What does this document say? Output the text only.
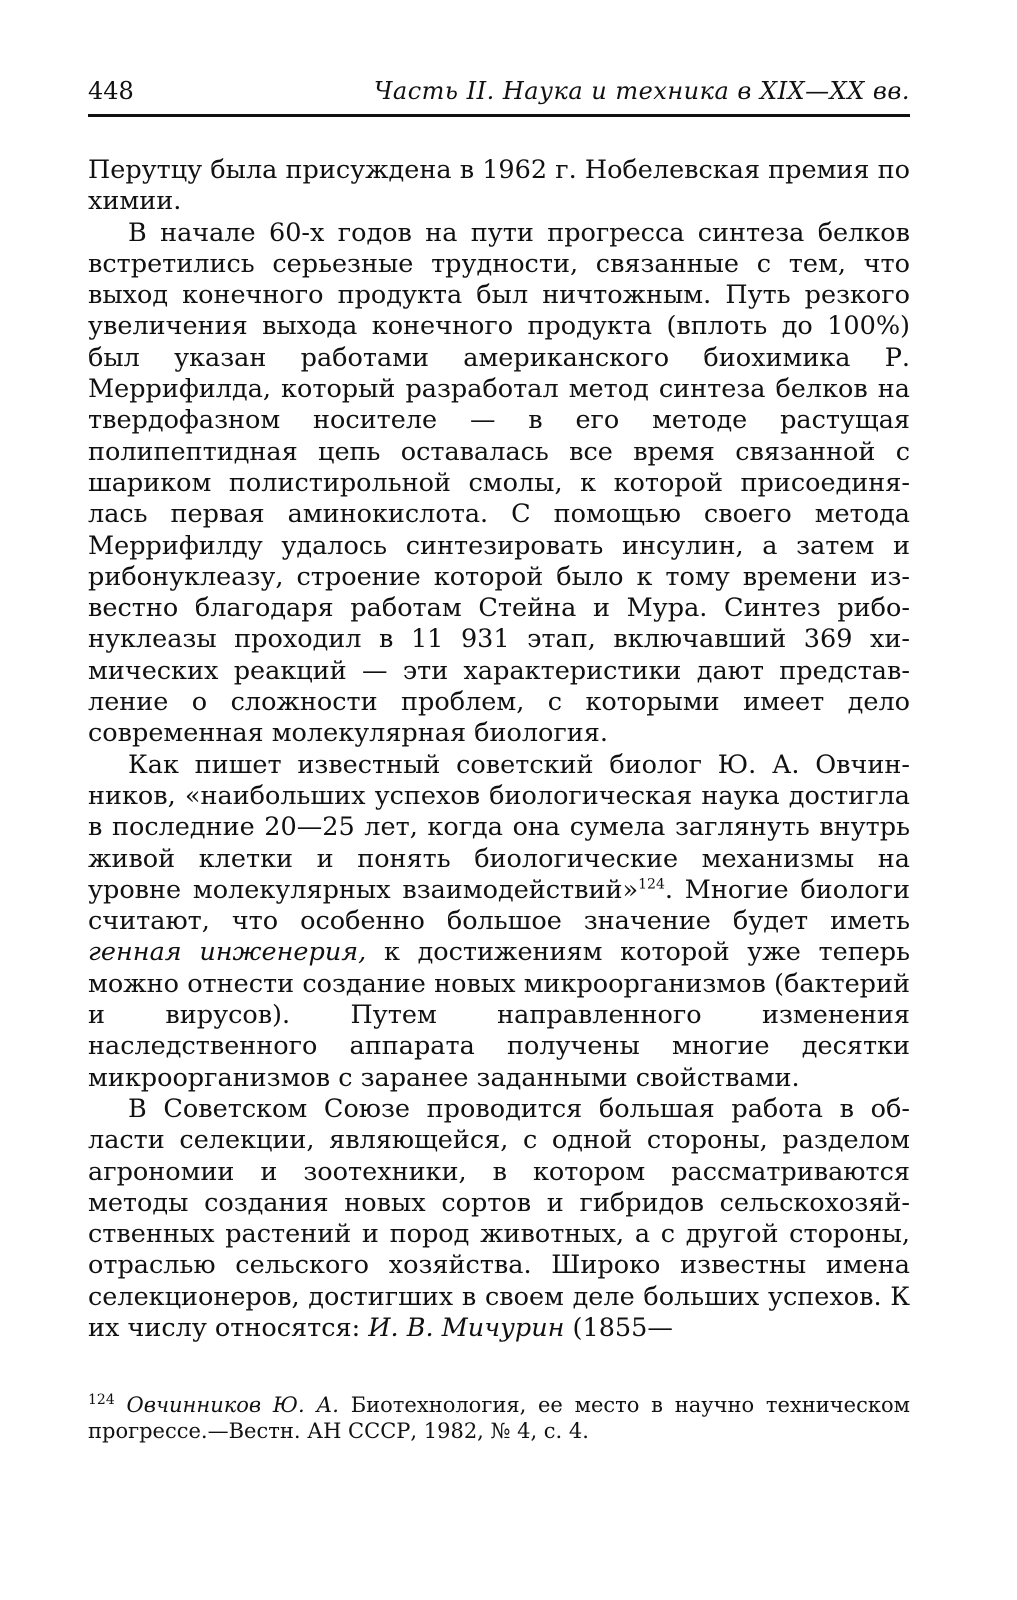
448	Часть II. Наука и техника в XIX—XX вв.

Перутцу была присуждена в 1962 г. Нобелевская премия по химии.

В начале 60-х годов на пути прогресса синтеза белков встретились серьезные трудности, связанные с тем, что выход конечного продукта был ничтожным. Путь резкого увеличения выхода конечного продукта (вплоть до 100%) был указан работами американского биохимика Р. Меррифилда, который разработал метод синтеза белков на твердофазном носителе — в его методе растущая полипептидная цепь оставалась все время связанной с шариком полистирольной смолы, к которой присоединялась первая аминокислота. С помощью своего метода Меррифилду удалось синтезировать инсулин, а затем и рибонуклеазу, строение которой было к тому времени известно благодаря работам Стейна и Мура. Синтез рибонуклеазы проходил в 11 931 этап, включавший 369 химических реакций — эти характеристики дают представление о сложности проблем, с которыми имеет дело современная молекулярная биология.

Как пишет известный советский биолог Ю. А. Овчинников, «наибольших успехов биологическая наука достигла в последние 20—25 лет, когда она сумела заглянуть внутрь живой клетки и понять биологические механизмы на уровне молекулярных взаимодействий»$^{124}$. Многие биологи считают, что особенно большое значение будет иметь генная инженерия, к достижениям которой уже теперь можно отнести создание новых микроорганизмов (бактерий и вирусов). Путем направленного изменения наследственного аппарата получены многие десятки микроорганизмов с заранее заданными свойствами.

В Советском Союзе проводится большая работа в области селекции, являющейся, с одной стороны, разделом агрономии и зоотехники, в котором рассматриваются методы создания новых сортов и гибридов сельскохозяйственных растений и пород животных, а с другой стороны, отраслью сельского хозяйства. Широко известны имена селекционеров, достигших в своем деле больших успехов. К их числу относятся: И. В. Мичурин (1855—

$^{124}$ Овчинников Ю. А. Биотехнология, ее место в научно техническом прогрессе.—Вестн. АН СССР, 1982, № 4, с. 4.
